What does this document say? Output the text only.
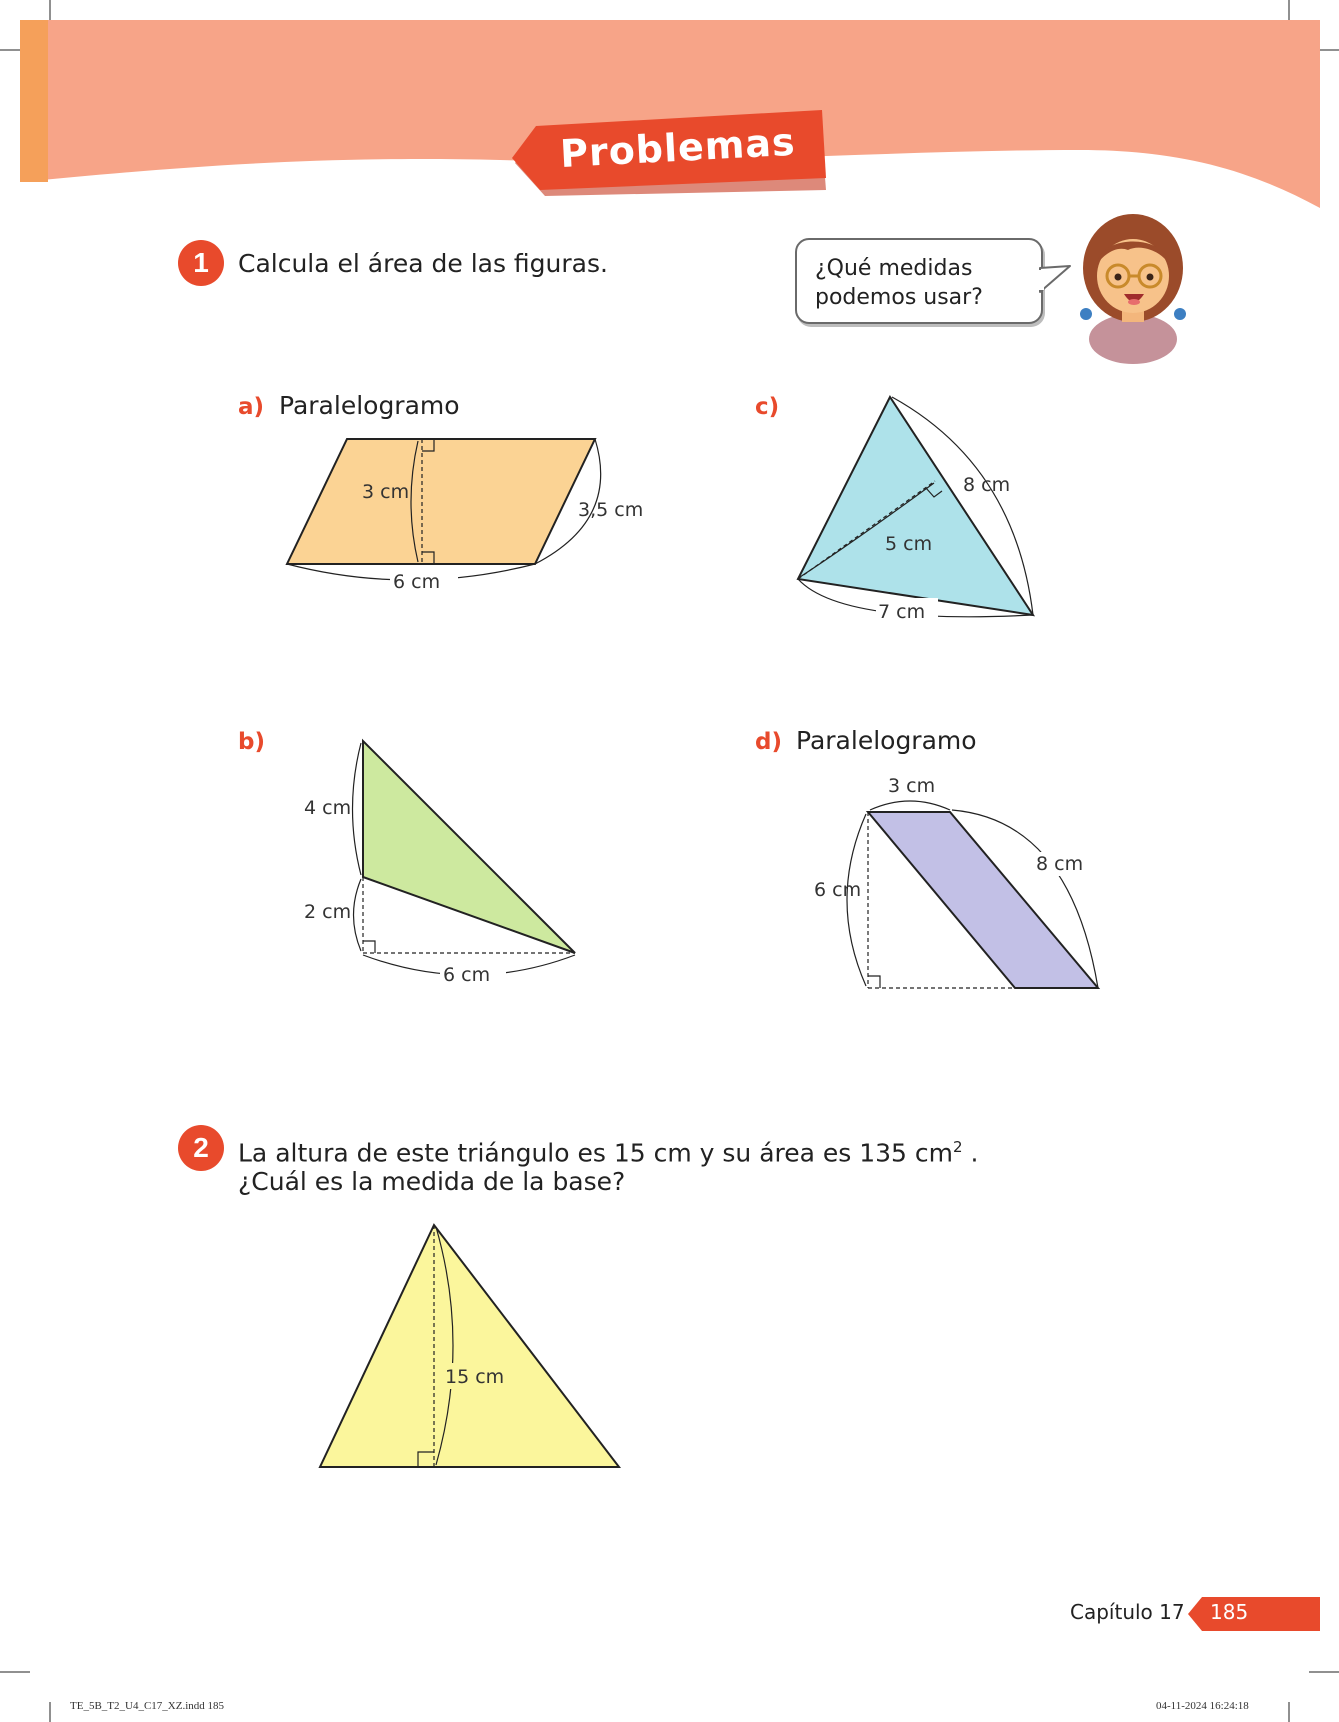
Problemas
1	Calcula el área de las figuras.	¿Qué medidas
podemos usar?
a) Paralelogramo
3 cm
3,5 cm
6 cm
c)
8 cm
5 cm
7 cm
b)
4 cm
2 cm
6 cm
d) Paralelogramo
3 cm
8 cm
6 cm
2	La altura de este triángulo es 15 cm y su área es 135 $cm^2$ .
¿Cuál es la medida de la base?
15 cm
Capítulo 17 185
TE_5B_T2_U4_C17_XZ.indd 185	04-11-2024 16:24:18
